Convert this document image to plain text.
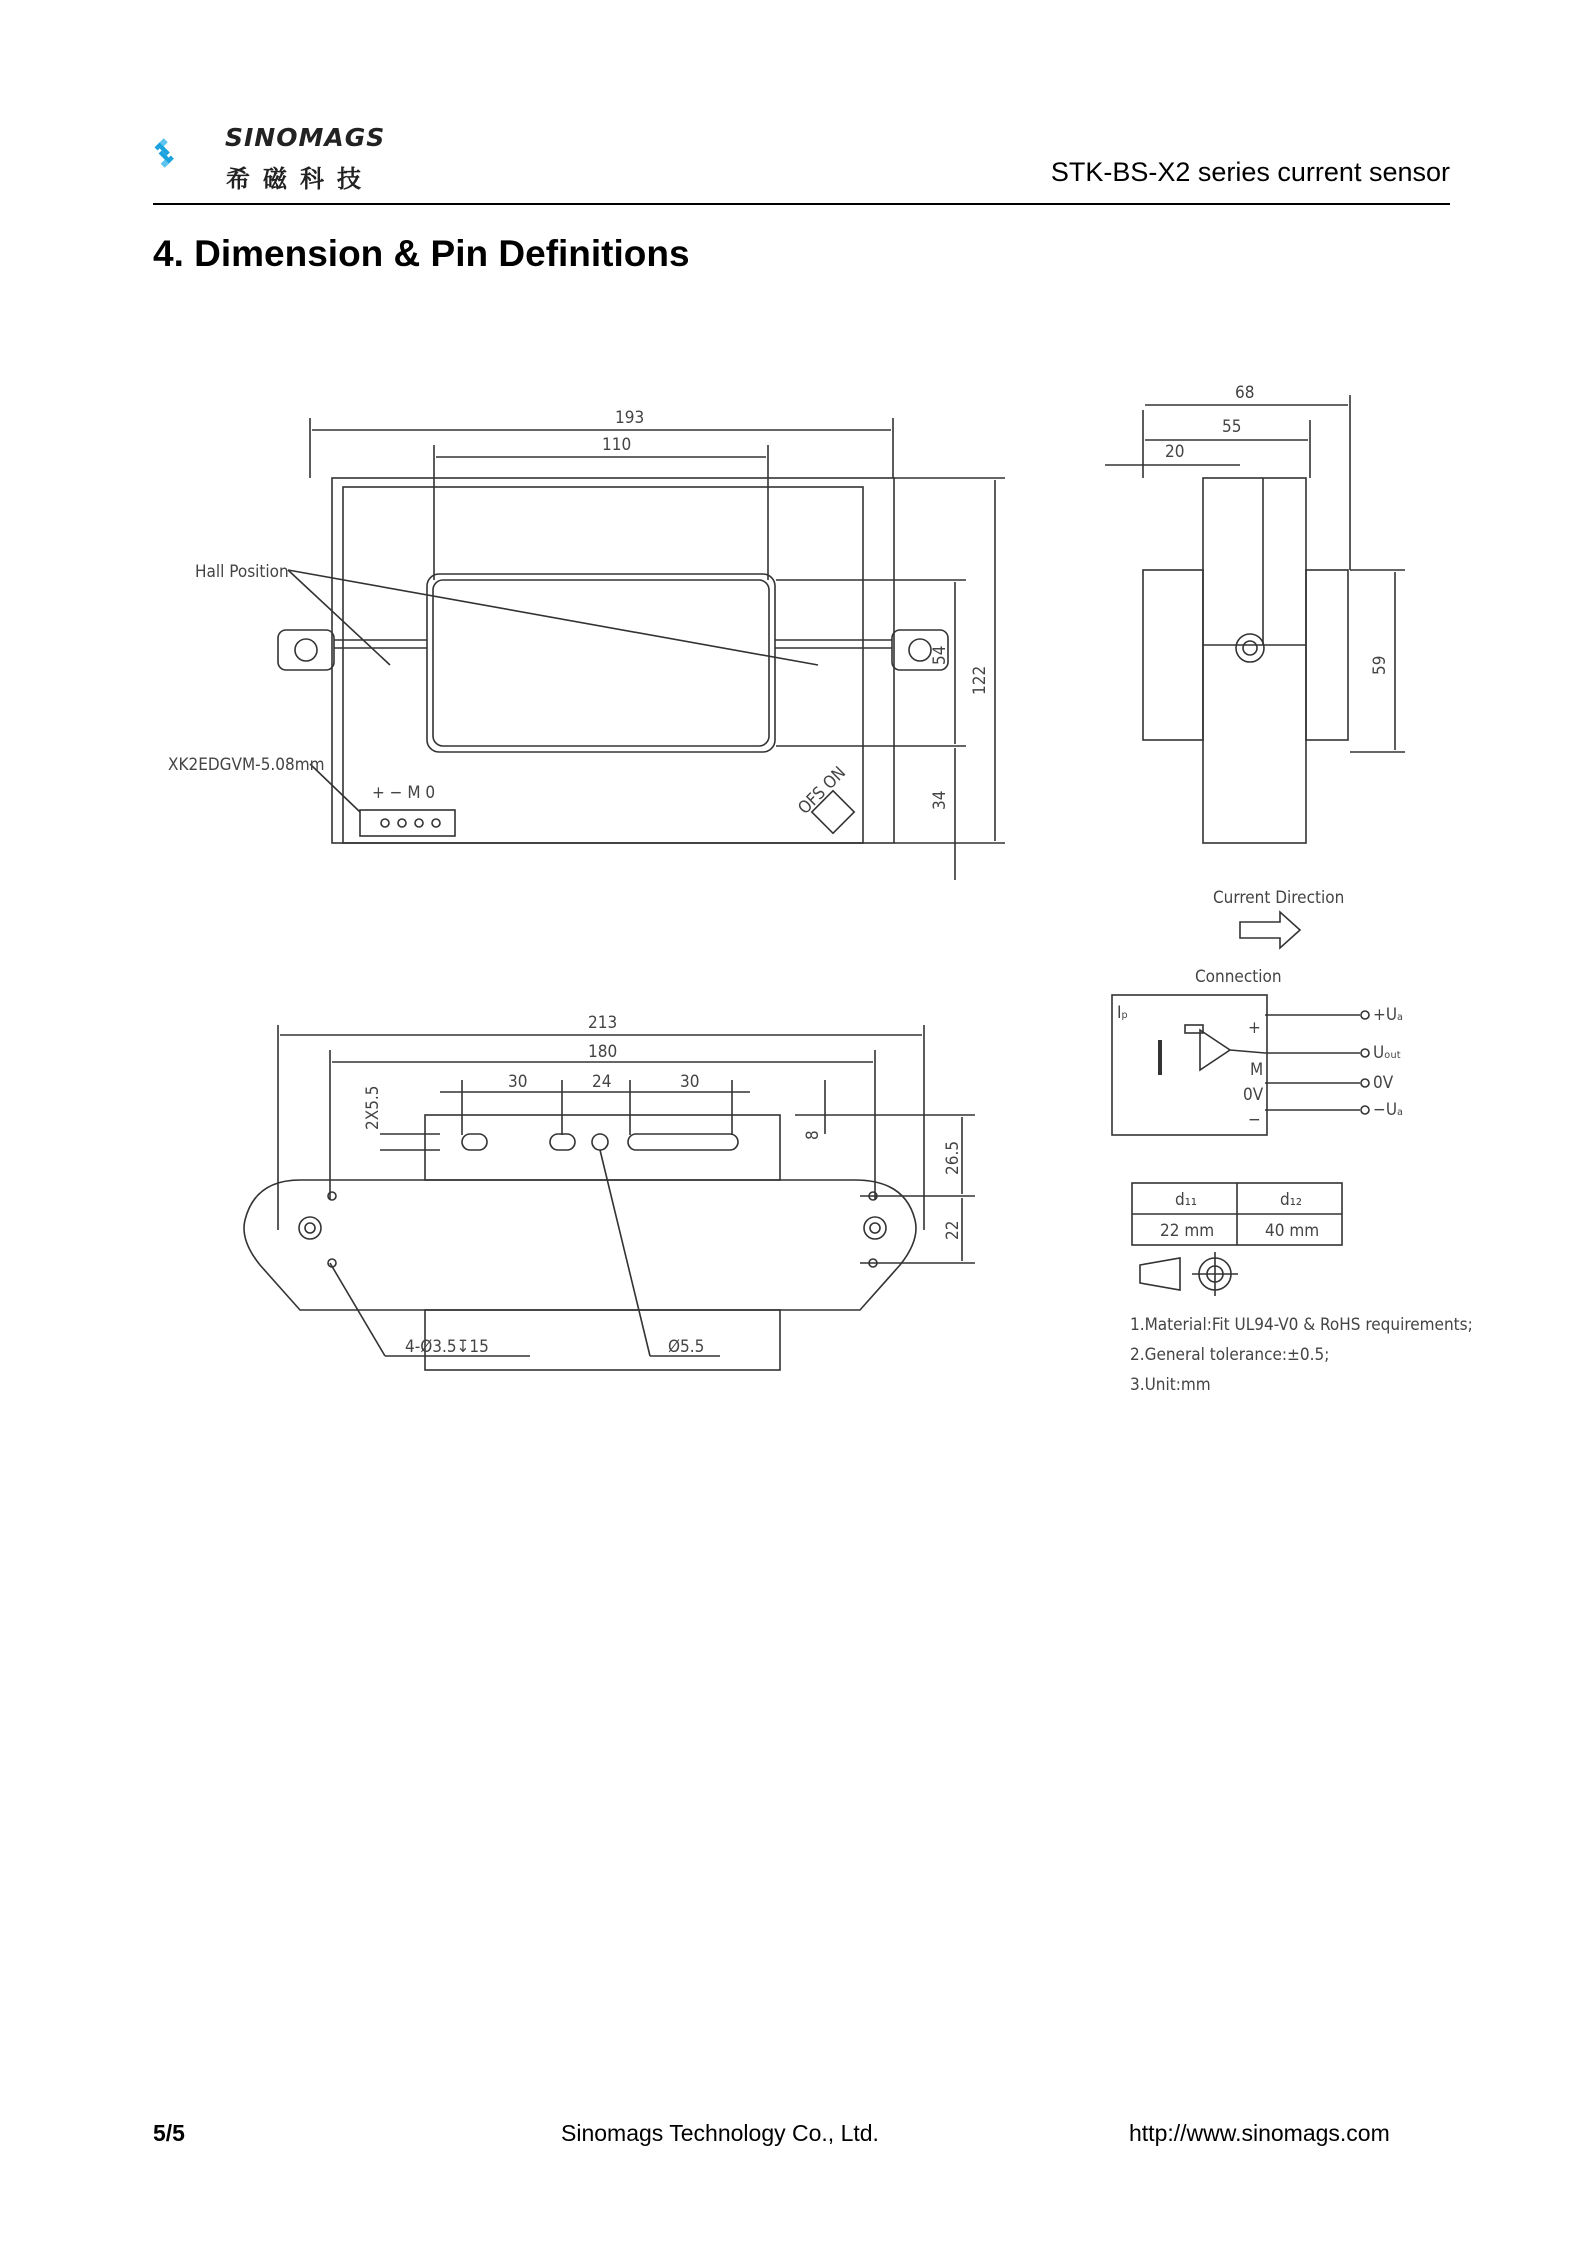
SINOMAGS
希磁科技	STK-BS-X2 series current sensor
4. Dimension & Pin Definitions
193
110
122
54
34
Hall Position
XK2EDGVM-5.08mm
+ − M 0	OFS ON
68
55
20
59
Current Direction
213
180
30	24	30
2X5.5
8
26.5
22
4-Ø3.5↧15	Ø5.5
Connection
Iₚ	+Uₐ
Uₒᵤₜ
0V
−Uₐ
+
M
0V
−
d₁₁	d₁₂
22 mm	40 mm
1.Material:Fit UL94-V0 & RoHS requirements;
2.General tolerance:±0.5;
3.Unit:mm
5/5	Sinomags Technology Co., Ltd.	http://www.sinomags.com
